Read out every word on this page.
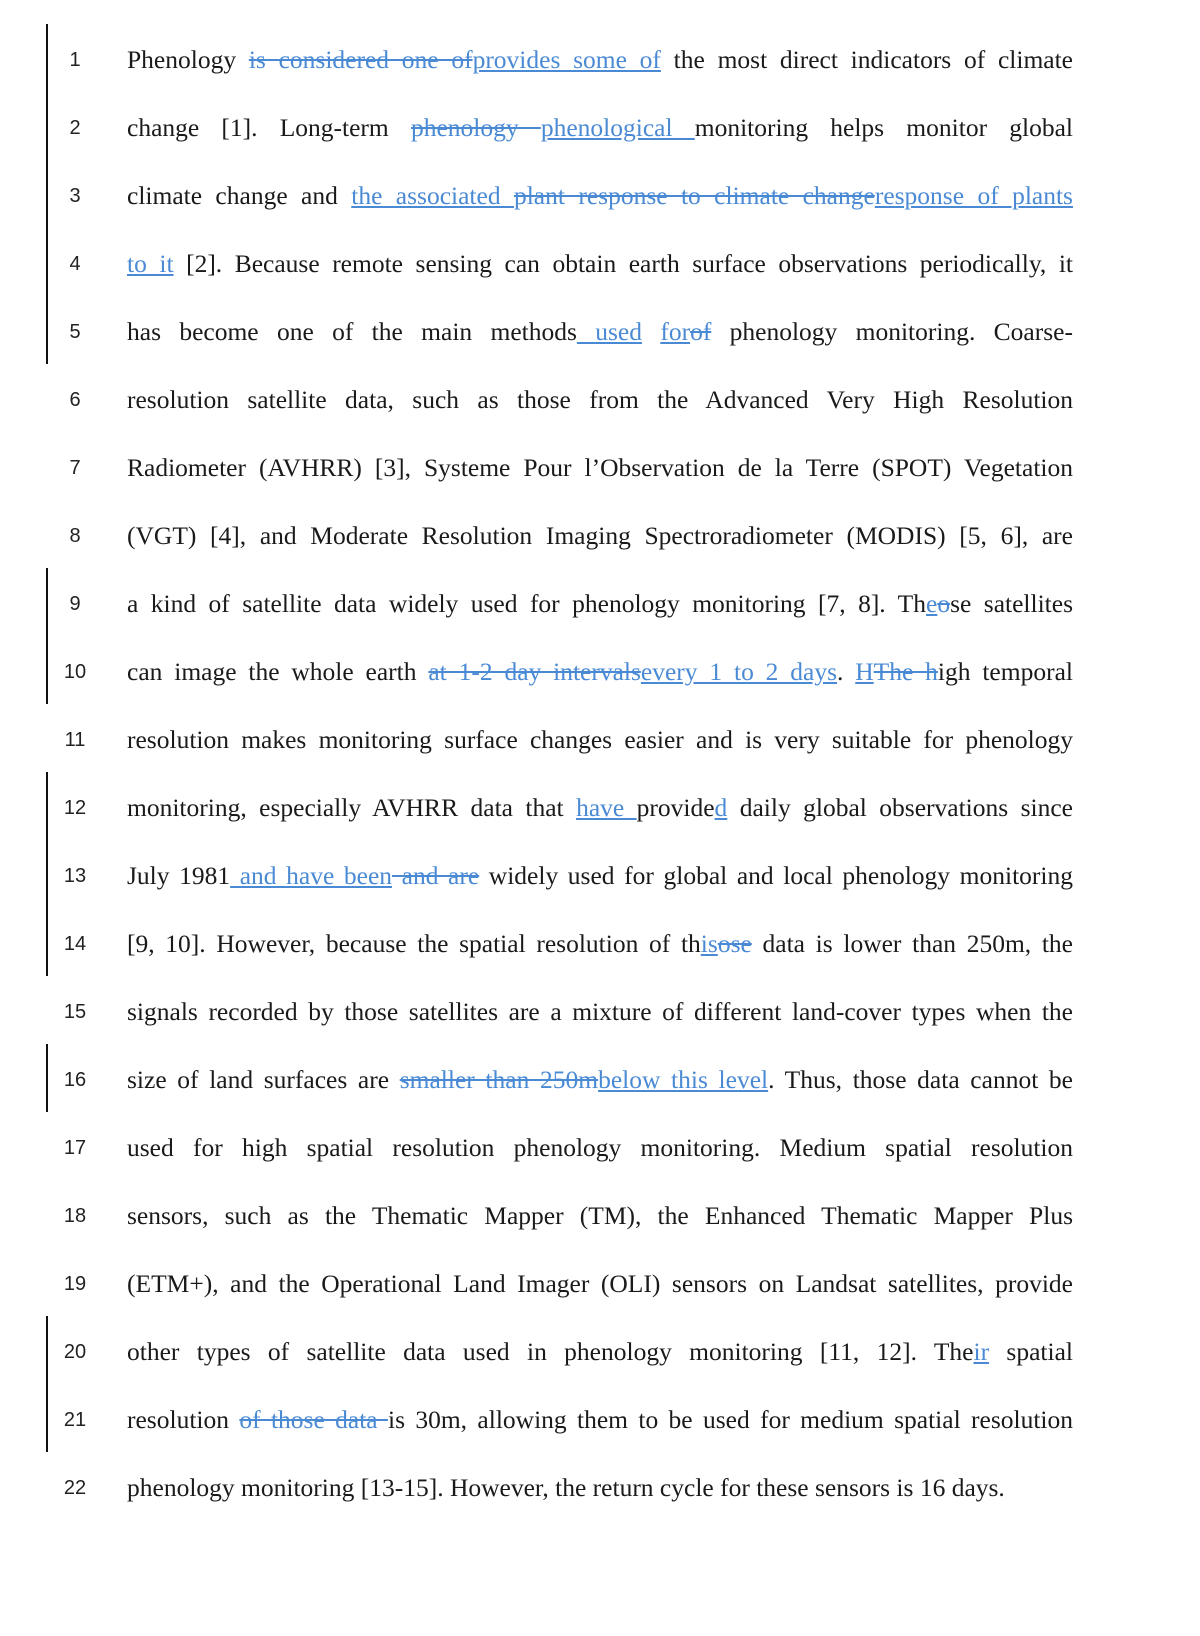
1	Phenology is considered one ofprovides some of the most direct indicators of climate
2	change [1]. Long-term phenology phenological monitoring helps monitor global
3	climate change and the associated plant response to climate changeresponse of plants
4	to it [2]. Because remote sensing can obtain earth surface observations periodically, it
5	has become one of the main methods used forof phenology monitoring. Coarse-
6	resolution satellite data, such as those from the Advanced Very High Resolution
7	Radiometer (AVHRR) [3], Systeme Pour l’Observation de la Terre (SPOT) Vegetation
8	(VGT) [4], and Moderate Resolution Imaging Spectroradiometer (MODIS) [5, 6], are
9	a kind of satellite data widely used for phenology monitoring [7, 8]. Theose satellites
10	can image the whole earth at 1-2 day intervalsevery 1 to 2 days. HThe high temporal
11	resolution makes monitoring surface changes easier and is very suitable for phenology
12	monitoring, especially AVHRR data that have provided daily global observations since
13	July 1981 and have been and are widely used for global and local phenology monitoring
14	[9, 10]. However, because the spatial resolution of thisose data is lower than 250m, the
15	signals recorded by those satellites are a mixture of different land-cover types when the
16	size of land surfaces are smaller than 250mbelow this level. Thus, those data cannot be
17	used for high spatial resolution phenology monitoring. Medium spatial resolution
18	sensors, such as the Thematic Mapper (TM), the Enhanced Thematic Mapper Plus
19	(ETM+), and the Operational Land Imager (OLI) sensors on Landsat satellites, provide
20	other types of satellite data used in phenology monitoring [11, 12]. Their spatial
21	resolution of those data is 30m, allowing them to be used for medium spatial resolution
22	phenology monitoring [13-15]. However, the return cycle for these sensors is 16 days.
